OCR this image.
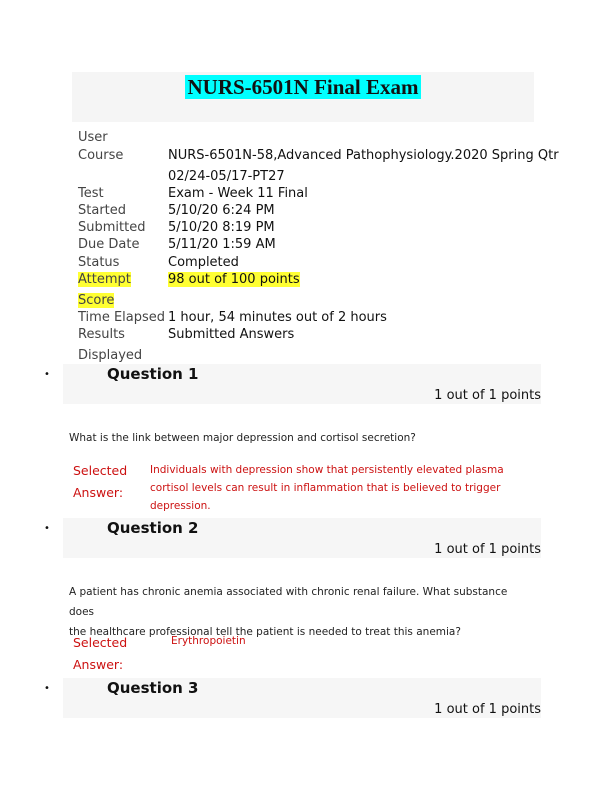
NURS-6501N Final Exam
User
Course	NURS-6501N-58,Advanced Pathophysiology.2020 Spring Qtr
02/24-05/17-PT27
Test	Exam - Week 11 Final
Started	5/10/20 6:24 PM
Submitted 5/10/20 8:19 PM
Due Date 5/11/20 1:59 AM
Status	Completed
Attempt	98 out of 100 points
Score
Time Elapsed 1 hour, 54 minutes out of 2 hours
Results	Submitted Answers
Displayed
•	Question 1
1 out of 1 points
What is the link between major depression and cortisol secretion?
Selected
Answer:
Individuals with depression show that persistently elevated plasma
cortisol levels can result in inflammation that is believed to trigger
depression.
•	Question 2
1 out of 1 points
A patient has chronic anemia associated with chronic renal failure. What substance does
the healthcare professional tell the patient is needed to treat this anemia?
Selected
Answer:
Erythropoietin
•	Question 3
1 out of 1 points
